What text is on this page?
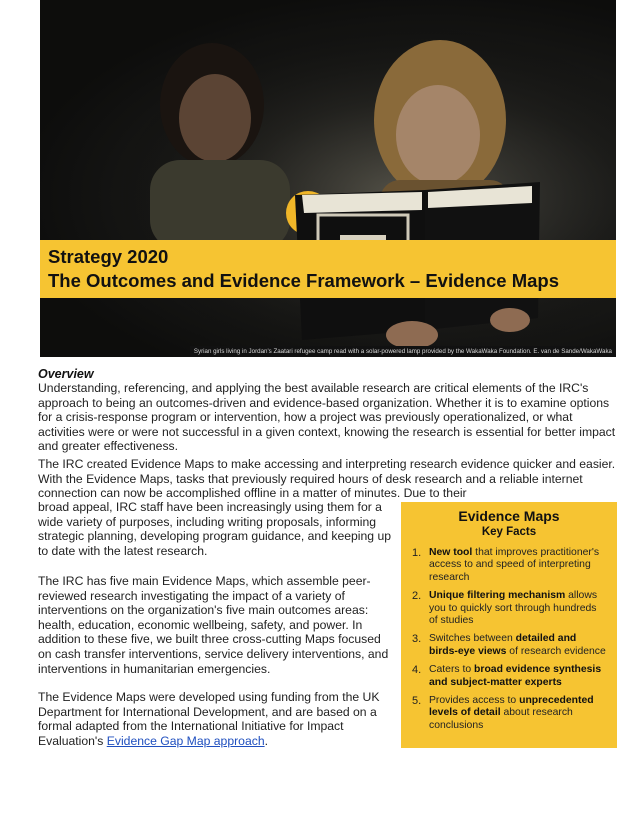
Syrian girls living in Jordan's Zaatari refugee camp read with a solar-powered lamp provided by the WakaWaka Foundation. E. van de Sande/WakaWaka
Strategy 2020
The Outcomes and Evidence Framework – Evidence Maps
Overview
Understanding, referencing, and applying the best available research are critical elements of the IRC's approach to being an outcomes-driven and evidence-based organization. Whether it is to examine options for a crisis-response program or intervention, how a project was previously operationalized, or what activities were or were not successful in a given context, knowing the research is essential for better impact and greater effectiveness.
The IRC created Evidence Maps to make accessing and interpreting research evidence quicker and easier. With the Evidence Maps, tasks that previously required hours of desk research and a reliable internet connection can now be accomplished offline in a matter of minutes. Due to their
broad appeal, IRC staff have been increasingly using them for a wide variety of purposes, including writing proposals, informing strategic planning, developing program guidance, and keeping up to date with the latest research.
The IRC has five main Evidence Maps, which assemble peer-reviewed research investigating the impact of a variety of interventions on the organization's five main outcomes areas: health, education, economic wellbeing, safety, and power. In addition to these five, we built three cross-cutting Maps focused on cash transfer interventions, service delivery interventions, and interventions in humanitarian emergencies.
The Evidence Maps were developed using funding from the UK Department for International Development, and are based on a formal adapted from the International Initiative for Impact Evaluation's Evidence Gap Map approach.
Evidence Maps
Key Facts
1. New tool that improves practitioner's access to and speed of interpreting research
2. Unique filtering mechanism allows you to quickly sort through hundreds of studies
3. Switches between detailed and birds-eye views of research evidence
4. Caters to broad evidence synthesis and subject-matter experts
5. Provides access to unprecedented levels of detail about research conclusions
